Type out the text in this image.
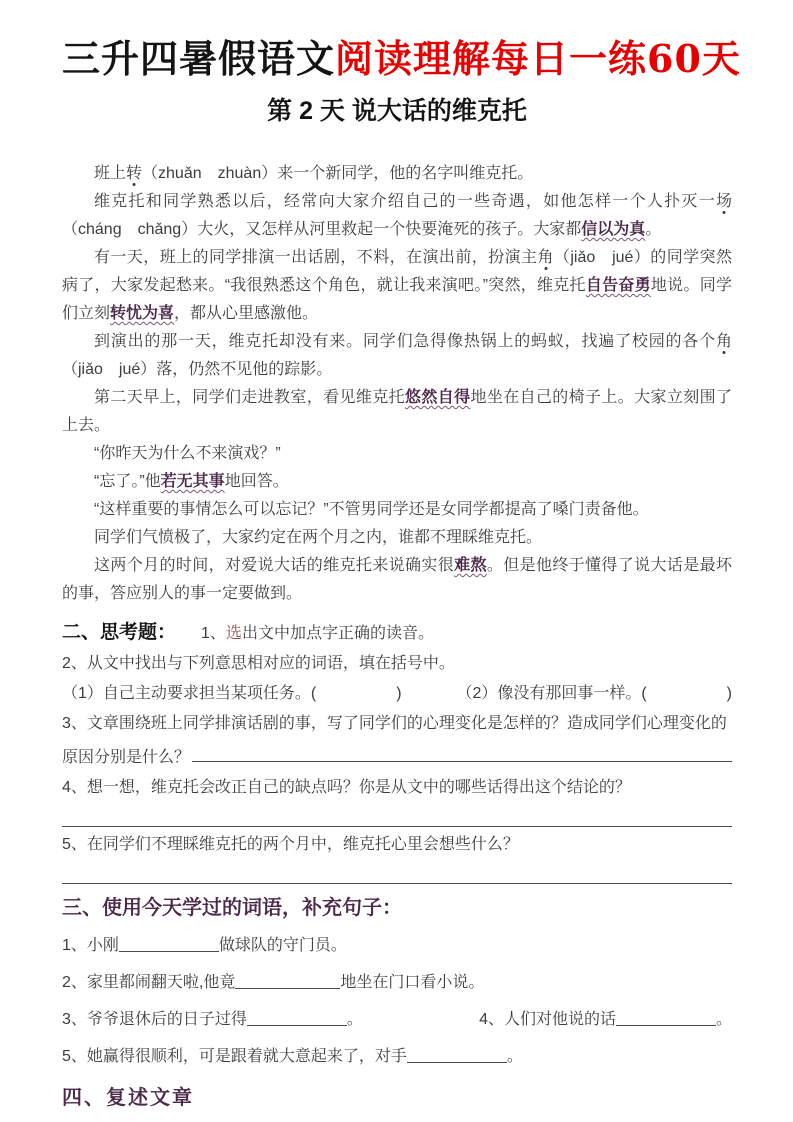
三升四暑假语文阅读理解每日一练60天
第 2 天 说大话的维克托

班上转（zhuǎn　zhuàn）来一个新同学，他的名字叫维克托。

维克托和同学熟悉以后，经常向大家介绍自己的一些奇遇，如他怎样一个人扑灭一场（cháng　chǎng）大火，又怎样从河里救起一个快要淹死的孩子。大家都信以为真。

有一天，班上的同学排演一出话剧，不料，在演出前，扮演主角（jiǎo　jué）的同学突然病了，大家发起愁来。“我很熟悉这个角色，就让我来演吧。”突然，维克托自告奋勇地说。同学们立刻转忧为喜，都从心里感激他。

到演出的那一天，维克托却没有来。同学们急得像热锅上的蚂蚁，找遍了校园的各个角（jiǎo　jué）落，仍然不见他的踪影。

第二天早上，同学们走进教室，看见维克托悠然自得地坐在自己的椅子上。大家立刻围了上去。

“你昨天为什么不来演戏？”

“忘了。”他若无其事地回答。

“这样重要的事情怎么可以忘记？”不管男同学还是女同学都提高了嗓门责备他。

同学们气愤极了，大家约定在两个月之内，谁都不理睬维克托。

这两个月的时间，对爱说大话的维克托来说确实很难熬。但是他终于懂得了说大话是最坏的事，答应别人的事一定要做到。

二、思考题： 1、选出文中加点字正确的读音。
2、从文中找出与下列意思相对应的词语，填在括号中。
（1）自己主动要求担当某项任务。(　　　　　)	（2）像没有那回事一样。(　　　　　)
3、文章围绕班上同学排演话剧的事，写了同学们的心理变化是怎样的？造成同学们心理变化的
原因分别是什么？
4、想一想，维克托会改正自己的缺点吗？你是从文中的哪些话得出这个结论的？
5、在同学们不理睬维克托的两个月中，维克托心里会想些什么？
三、使用今天学过的词语，补充句子：
1、小刚	做球队的守门员。
2、家里都闹翻天啦,他竟	地坐在门口看小说。
3、爷爷退休后的日子过得	。	4、人们对他说的话	。
5、她赢得很顺利，可是跟着就大意起来了，对手	。
四、复述文章
